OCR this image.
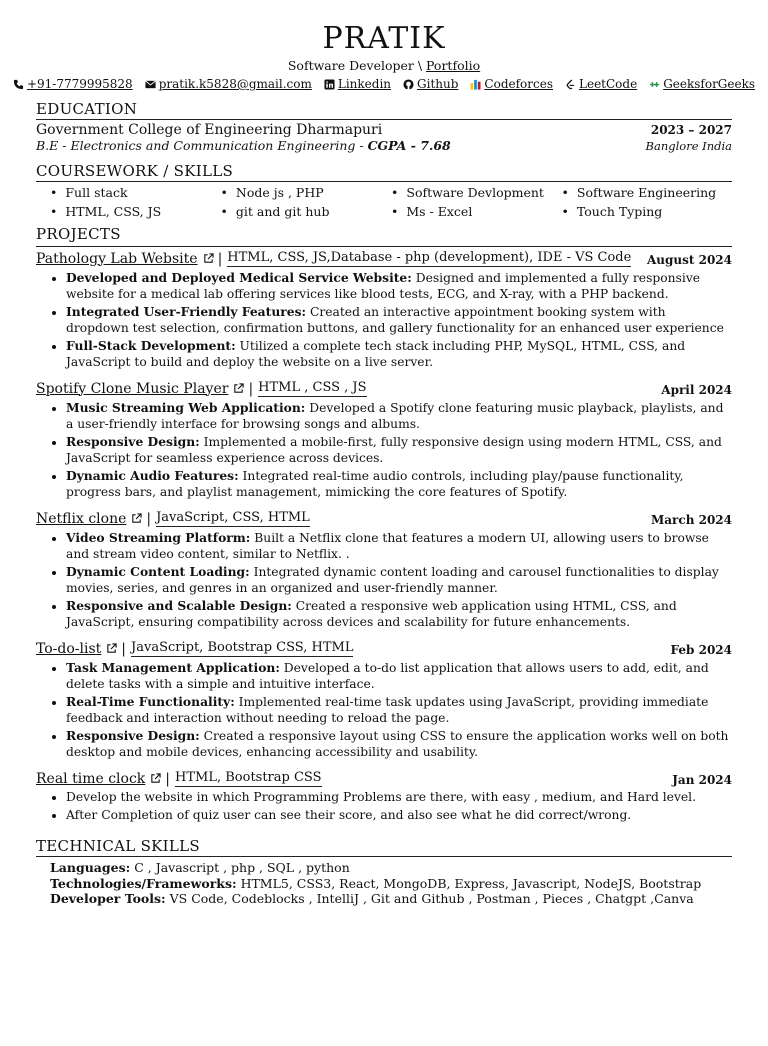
PRATIK
Software Developer \ Portfolio
+91-7779995828 pratik.k5828@gmail.com Linkedin Github Codeforces LeetCode GeeksforGeeks
EDUCATION
Government College of Engineering Dharmapuri	2023 – 2027
B.E - Electronics and Communication Engineering - CGPA - 7.68	Banglore India
COURSEWORK / SKILLS
• Full stack	• Node js , PHP	• Software Devlopment	• Software Engineering
• HTML, CSS, JS	• git and git hub	• Ms - Excel	• Touch Typing
PROJECTS
Pathology Lab Website | HTML, CSS, JS,Database - php (development), IDE - VS Code August 2024
• Developed and Deployed Medical Service Website: Designed and implemented a fully responsive website for a medical lab offering services like blood tests, ECG, and X-ray, with a PHP backend.
• Integrated User-Friendly Features: Created an interactive appointment booking system with dropdown test selection, confirmation buttons, and gallery functionality for an enhanced user experience
• Full-Stack Development: Utilized a complete tech stack including PHP, MySQL, HTML, CSS, and JavaScript to build and deploy the website on a live server.
Spotify Clone Music Player | HTML , CSS , JS	April 2024
• Music Streaming Web Application: Developed a Spotify clone featuring music playback, playlists, and a user-friendly interface for browsing songs and albums.
• Responsive Design: Implemented a mobile-first, fully responsive design using modern HTML, CSS, and JavaScript for seamless experience across devices.
• Dynamic Audio Features: Integrated real-time audio controls, including play/pause functionality, progress bars, and playlist management, mimicking the core features of Spotify.
Netflix clone | JavaScript, CSS, HTML	March 2024
• Video Streaming Platform: Built a Netflix clone that features a modern UI, allowing users to browse and stream video content, similar to Netflix. .
• Dynamic Content Loading: Integrated dynamic content loading and carousel functionalities to display movies, series, and genres in an organized and user-friendly manner.
• Responsive and Scalable Design: Created a responsive web application using HTML, CSS, and JavaScript, ensuring compatibility across devices and scalability for future enhancements.
To-do-list | JavaScript, Bootstrap CSS, HTML	Feb 2024
• Task Management Application: Developed a to-do list application that allows users to add, edit, and delete tasks with a simple and intuitive interface.
• Real-Time Functionality: Implemented real-time task updates using JavaScript, providing immediate feedback and interaction without needing to reload the page.
• Responsive Design: Created a responsive layout using CSS to ensure the application works well on both desktop and mobile devices, enhancing accessibility and usability.
Real time clock | HTML, Bootstrap CSS	Jan 2024
• Develop the website in which Programming Problems are there, with easy , medium, and Hard level.
• After Completion of quiz user can see their score, and also see what he did correct/wrong.
TECHNICAL SKILLS
Languages: C , Javascript , php , SQL , python
Technologies/Frameworks: HTML5, CSS3, React, MongoDB, Express, Javascript, NodeJS, Bootstrap
Developer Tools: VS Code, Codeblocks , IntelliJ , Git and Github , Postman , Pieces , Chatgpt ,Canva
